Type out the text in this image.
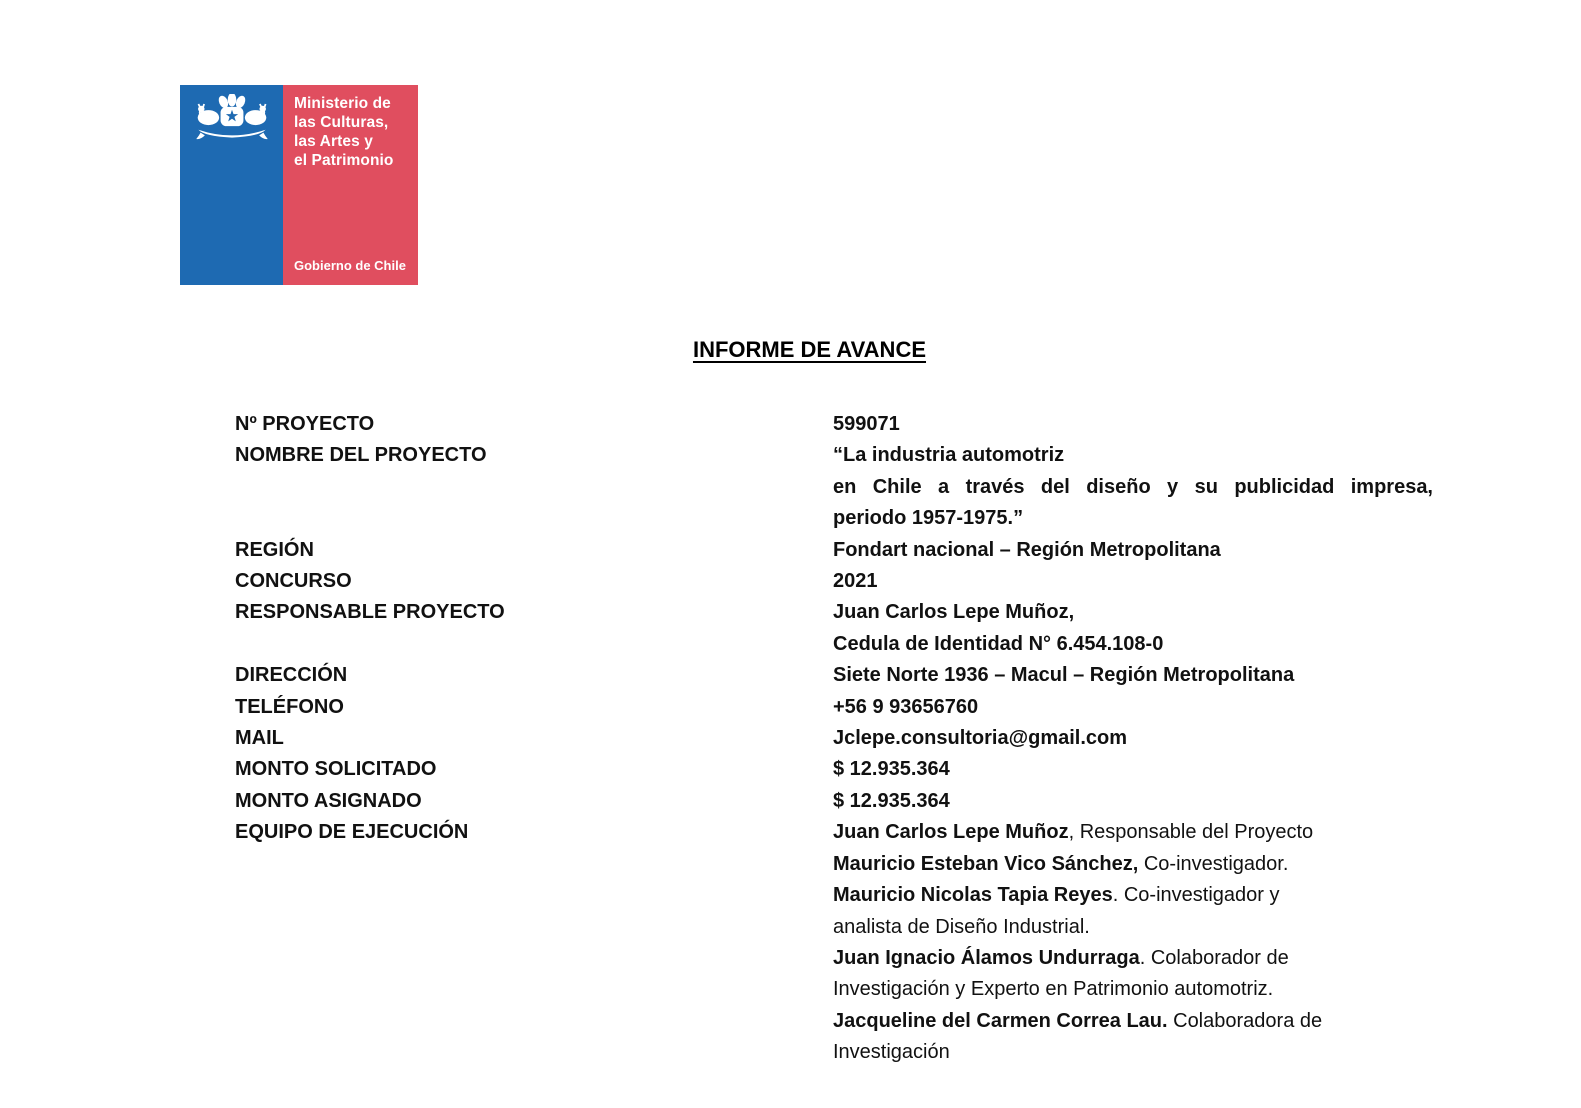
Ministerio de
las Culturas,
las Artes y
el Patrimonio
Gobierno de Chile
INFORME DE AVANCE
Nº PROYECTO	599071
NOMBRE DEL PROYECTO	“La industria automotriz
en Chile a través del diseño y su publicidad impresa,
periodo 1957-1975.”
REGIÓN	Fondart nacional – Región Metropolitana
CONCURSO	2021
RESPONSABLE PROYECTO	Juan Carlos Lepe Muñoz,
Cedula de Identidad N° 6.454.108-0
DIRECCIÓN	Siete Norte 1936 – Macul – Región Metropolitana
TELÉFONO	+56 9 93656760
MAIL	Jclepe.consultoria@gmail.com
MONTO SOLICITADO	$ 12.935.364
MONTO ASIGNADO	$ 12.935.364
EQUIPO DE EJECUCIÓN	Juan Carlos Lepe Muñoz, Responsable del Proyecto
Mauricio Esteban Vico Sánchez, Co-investigador.
Mauricio Nicolas Tapia Reyes. Co-investigador y
analista de Diseño Industrial.
Juan Ignacio Álamos Undurraga. Colaborador de
Investigación y Experto en Patrimonio automotriz.
Jacqueline del Carmen Correa Lau. Colaboradora de
Investigación
